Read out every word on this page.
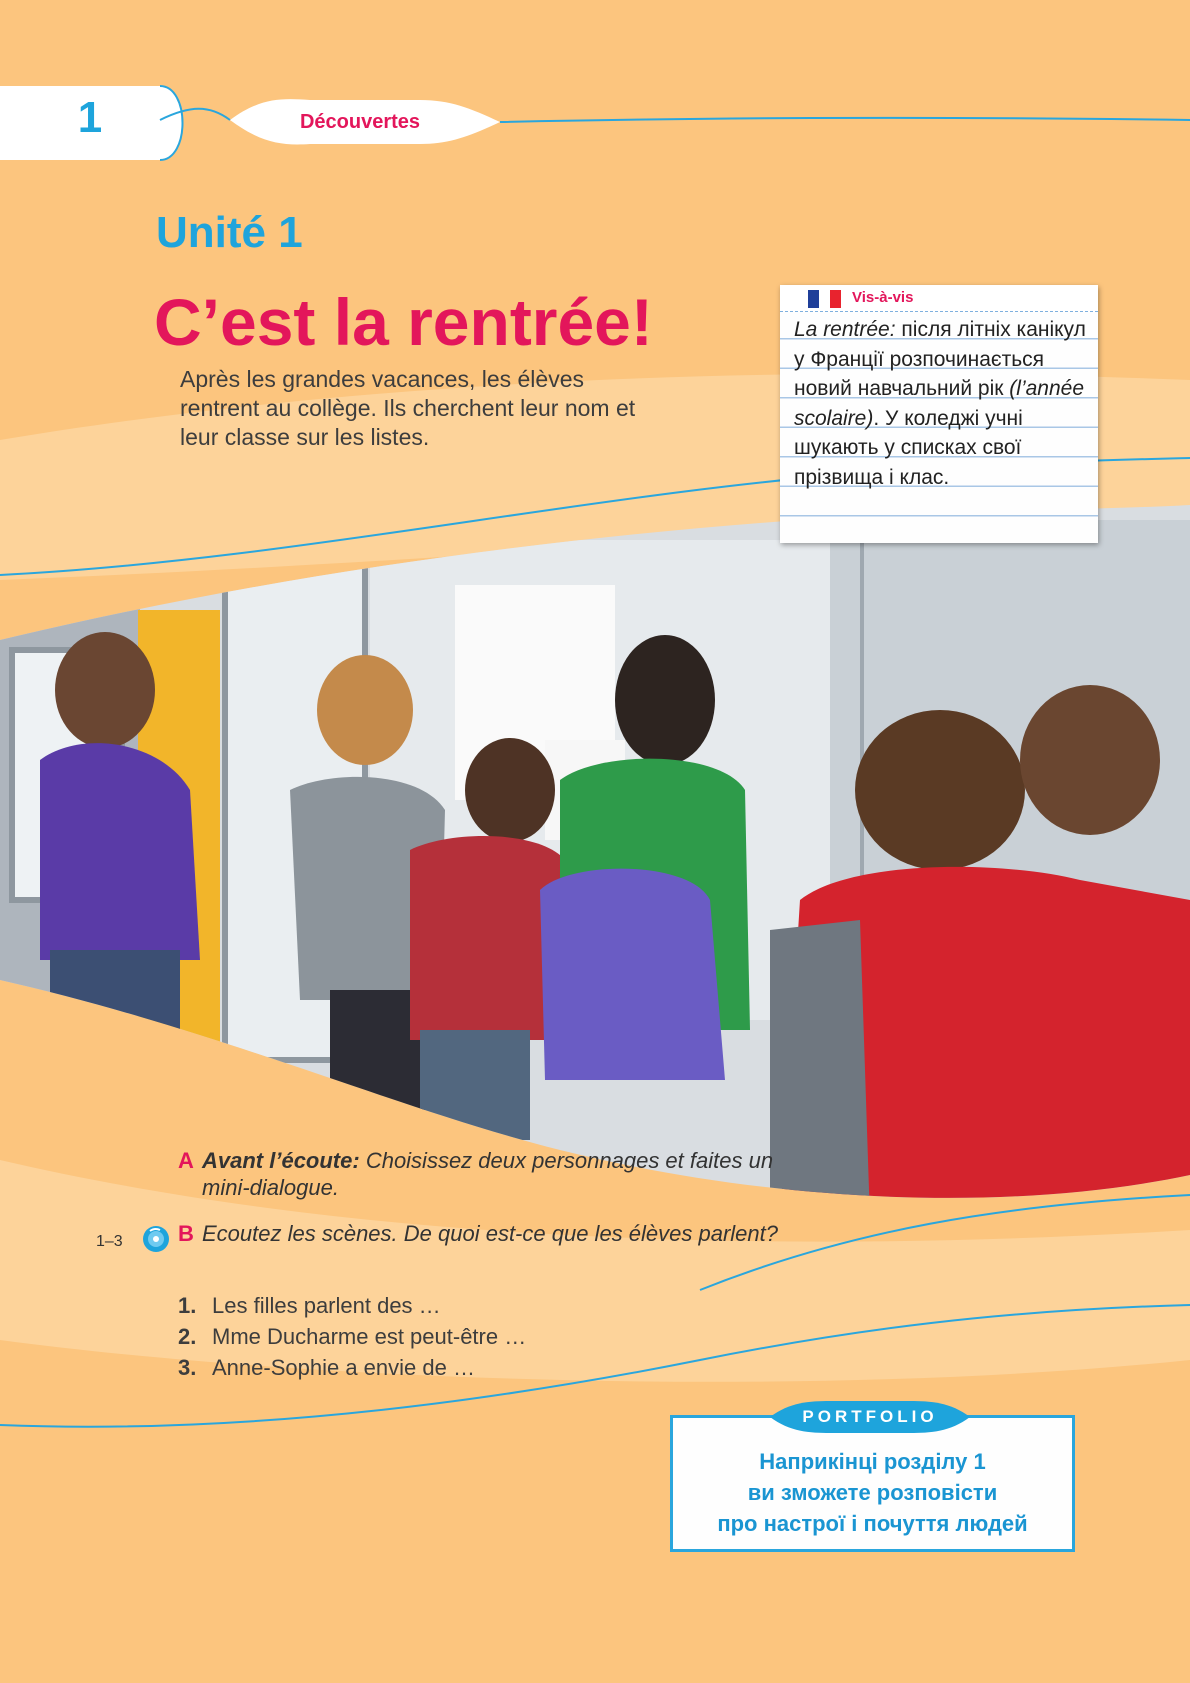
1	Découvertes
Unité 1
C’est la rentrée!
Après les grandes vacances, les élèves rentrent au collège. Ils cherchent leur nom et leur classe sur les listes.
Vis-à-vis
La rentrée: після літніх канікул у Франції розпочинається новий навчальний рік (l’année scolaire). У коледжі учні шукають у списках свої прізвища і клас.
A Avant l’écoute: Choisissez deux personnages et faites un mini-dialogue.
1–3	B Ecoutez les scènes. De quoi est-ce que les élèves parlent?
1. Les filles parlent des …
2. Mme Ducharme est peut-être …
3. Anne-Sophie a envie de …
Наприкінці розділу 1
ви зможете розповісти
про настрої і почуття людей
PORTFOLIO
